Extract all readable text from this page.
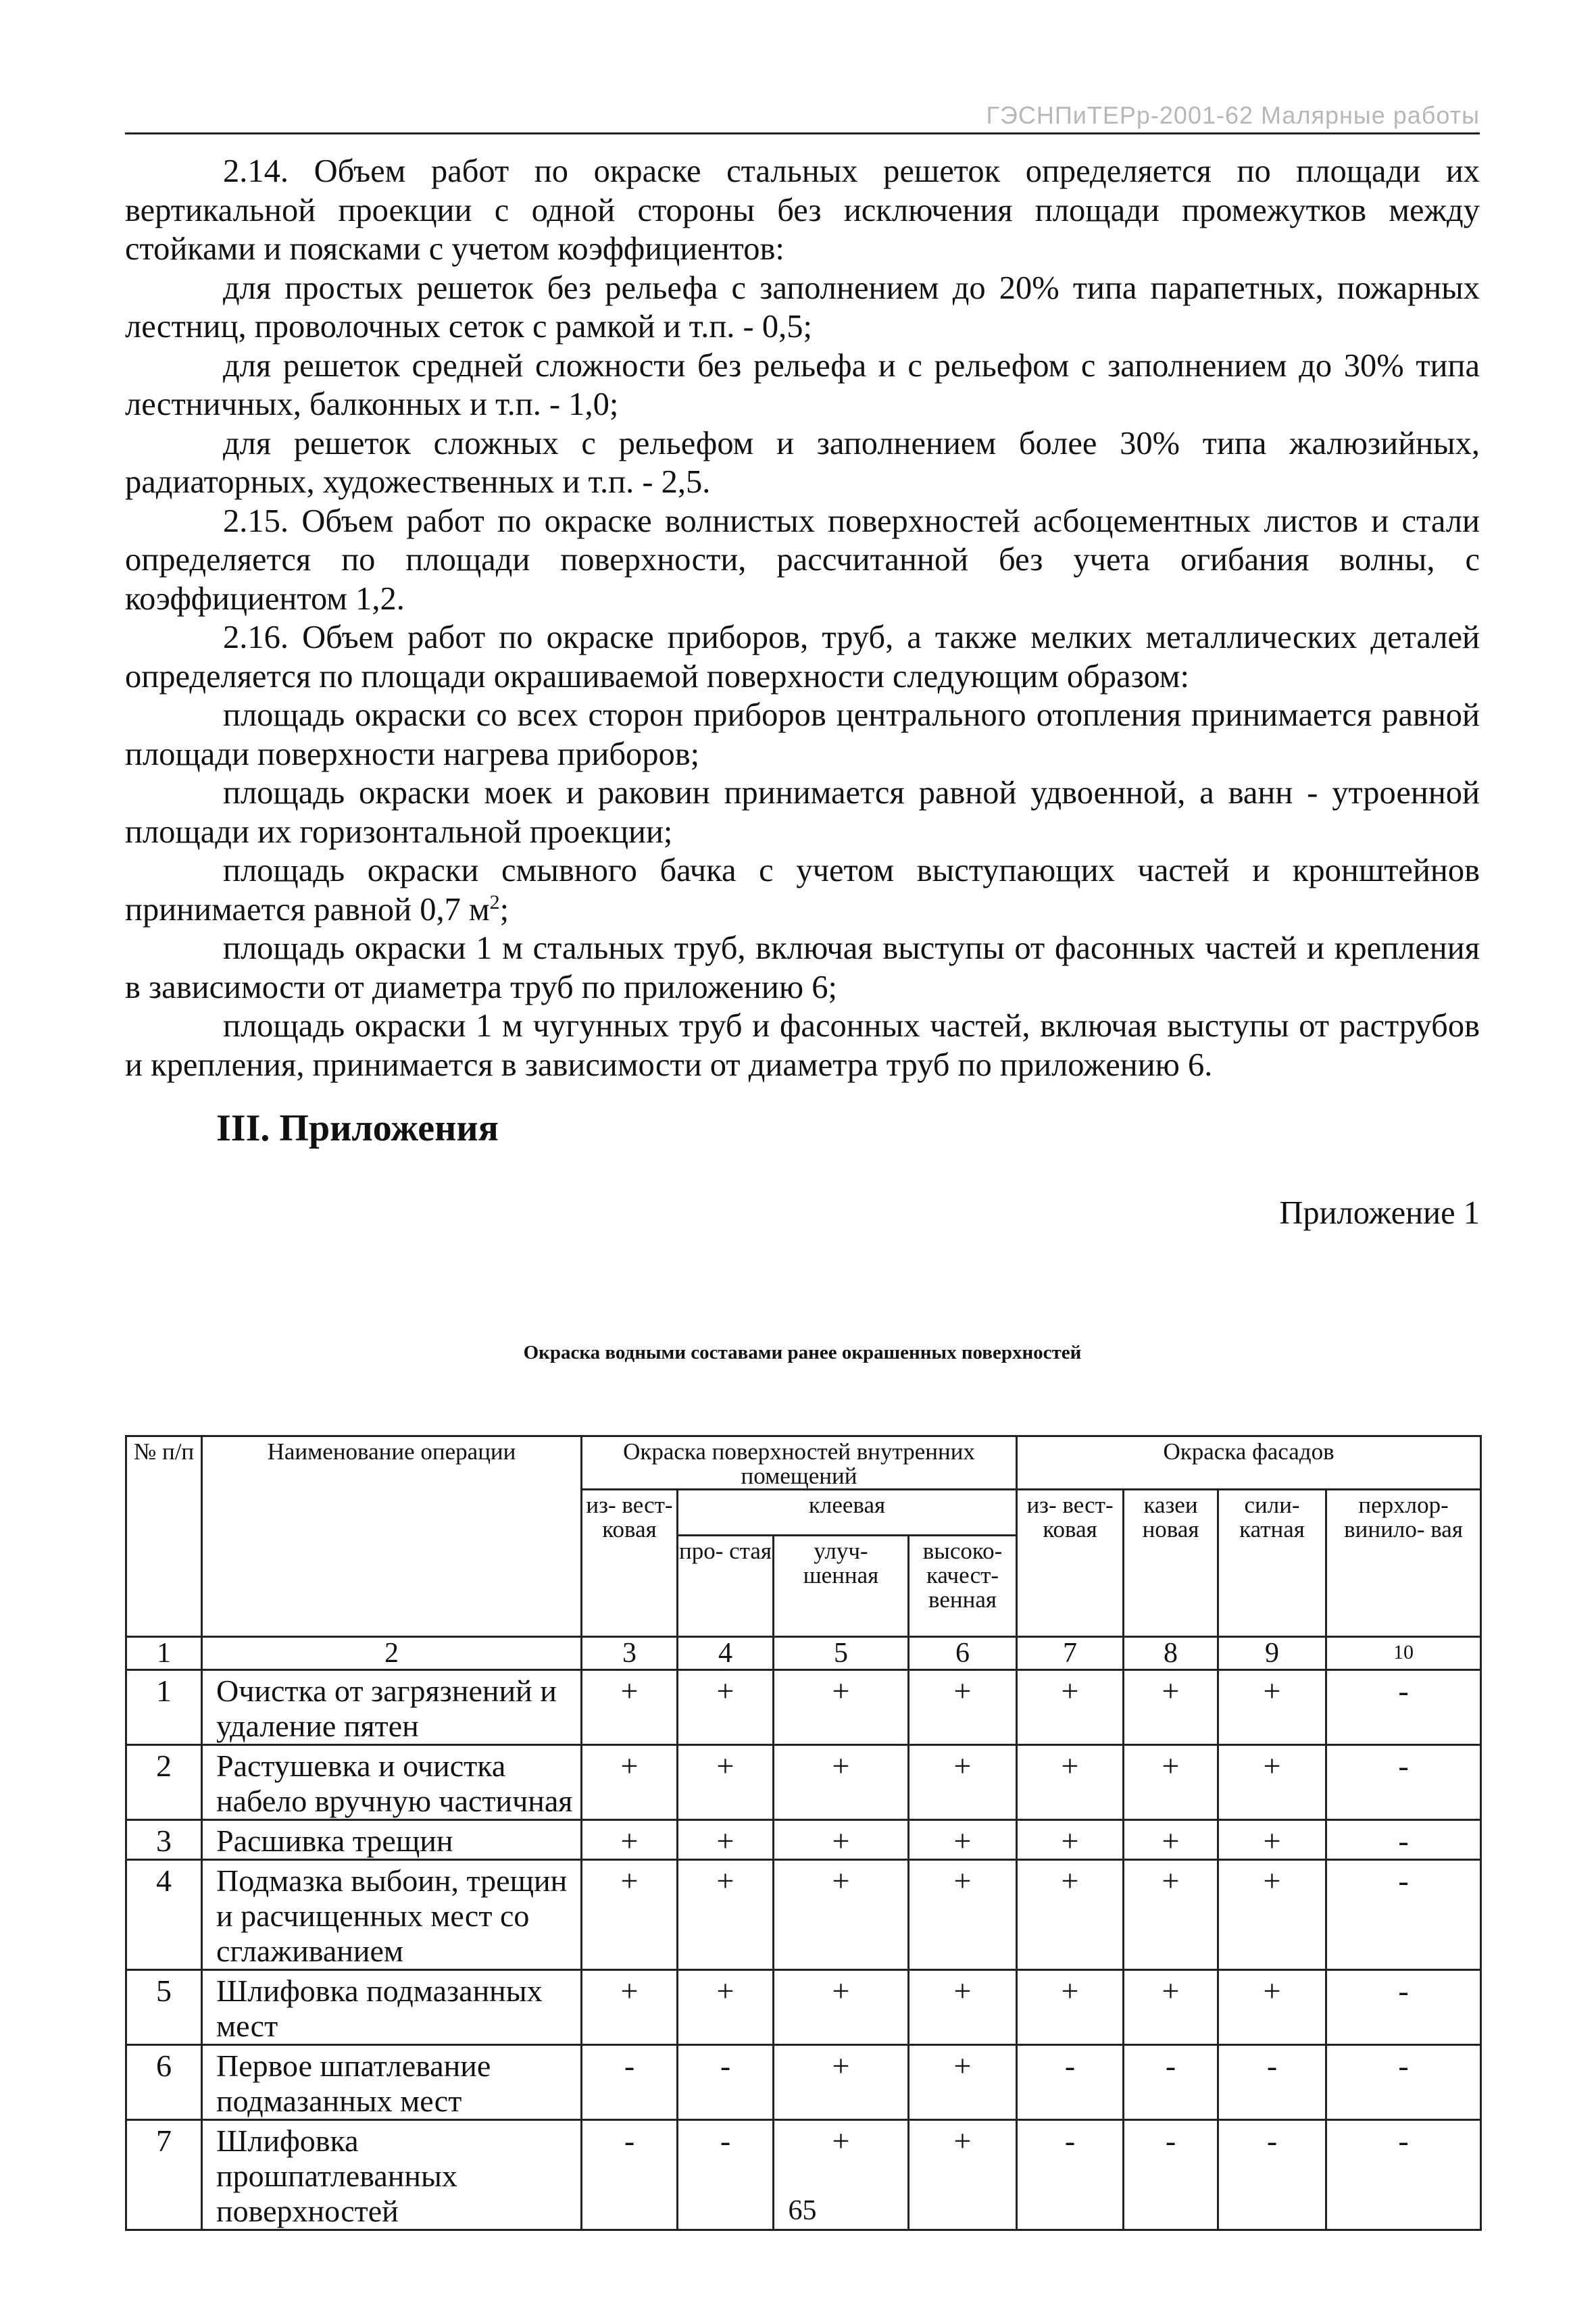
ГЭСНПиТЕРр-2001-62 Малярные работы

2.14. Объем работ по окраске стальных решеток определяется по площади их вертикальной проекции с одной стороны без исключения площади промежутков между стойками и поясками с учетом коэффициентов:

для простых решеток без рельефа с заполнением до 20% типа парапетных, пожарных лестниц, проволочных сеток с рамкой и т.п. - 0,5;

для решеток средней сложности без рельефа и с рельефом с заполнением до 30% типа лестничных, балконных и т.п. - 1,0;

для решеток сложных с рельефом и заполнением более 30% типа жалюзийных, радиаторных, художественных и т.п. - 2,5.

2.15. Объем работ по окраске волнистых поверхностей асбоцементных листов и стали определяется по площади поверхности, рассчитанной без учета огибания волны, с коэффициентом 1,2.

2.16. Объем работ по окраске приборов, труб, а также мелких металлических деталей определяется по площади окрашиваемой поверхности следующим образом:

площадь окраски со всех сторон приборов центрального отопления принимается равной площади поверхности нагрева приборов;

площадь окраски моек и раковин принимается равной удвоенной, а ванн - утроенной площади их горизонтальной проекции;

площадь окраски смывного бачка с учетом выступающих частей и кронштейнов принимается равной 0,7 $м^2$;

площадь окраски 1 м стальных труб, включая выступы от фасонных частей и крепления в зависимости от диаметра труб по приложению 6;

площадь окраски 1 м чугунных труб и фасонных частей, включая выступы от раструбов и крепления, принимается в зависимости от диаметра труб по приложению 6.

III. Приложения
Приложение 1
Окраска водными составами ранее окрашенных поверхностей
№ п/п	Наименование операции	Окраска поверхностей внутренних помещений				Окраска фасадов			
		из- вест- ковая	клеевая			из- вест- ковая	казеи новая	сили- катная	перхлор- винило- вая
			про- стая	улуч- шенная	высоко- качест- венная				
1	2	3	4	5	6	7	8	9	10
1	Очистка от загрязнений и удаление пятен	+	+	+	+	+	+	+	-
2	Растушевка и очистка набело вручную частичная	+	+	+	+	+	+	+	-
3	Расшивка трещин	+	+	+	+	+	+	+	-
4	Подмазка выбоин, трещин и расчищенных мест со сглаживанием	+	+	+	+	+	+	+	-
5	Шлифовка подмазанных мест	+	+	+	+	+	+	+	-
6	Первое шпатлевание подмазанных мест	-	-	+	+	-	-	-	-
7	Шлифовка прошпатлеванных поверхностей	-	-	+	+	-	-	-	-
65
